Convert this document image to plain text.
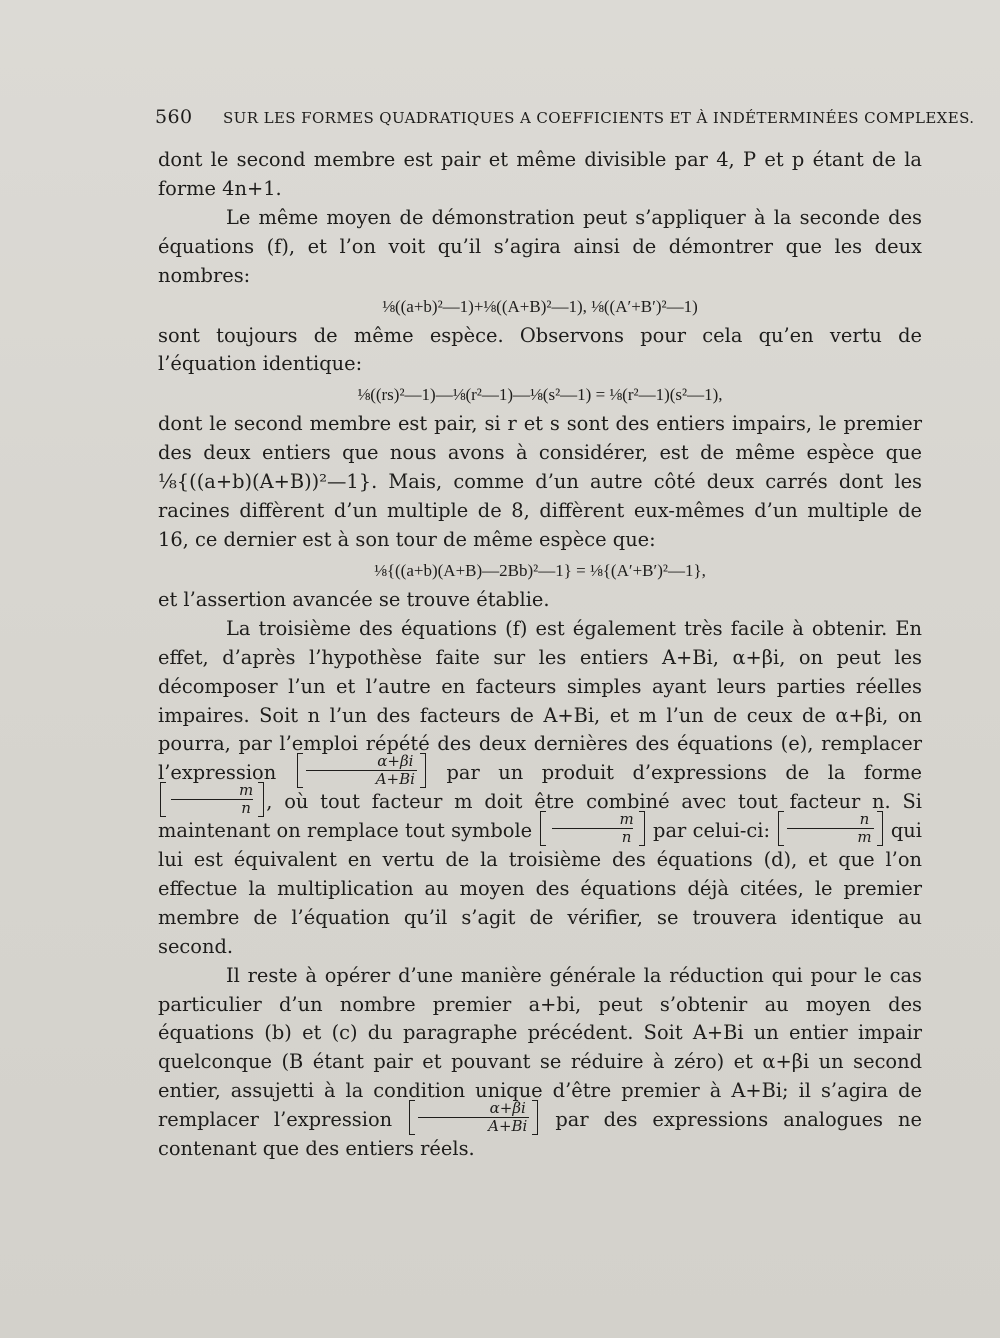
560 SUR LES FORMES QUADRATIQUES A COEFFICIENTS ET À INDÉTERMINÉES COMPLEXES.

dont le second membre est pair et même divisible par 4, P et p étant de la forme 4n+1.

Le même moyen de démonstration peut s’appliquer à la seconde des équations (f), et l’on voit qu’il s’agira ainsi de démontrer que les deux nombres:

⅛((a+b)²—1)+⅛((A+B)²—1), ⅛((A′+B′)²—1)

sont toujours de même espèce. Observons pour cela qu’en vertu de l’équation identique:

⅛((rs)²—1)—⅛(r²—1)—⅛(s²—1) = ⅛(r²—1)(s²—1),

dont le second membre est pair, si r et s sont des entiers impairs, le premier des deux entiers que nous avons à considérer, est de même espèce que ⅛{((a+b)(A+B))²—1}. Mais, comme d’un autre côté deux carrés dont les racines diffèrent d’un multiple de 8, diffèrent eux-mêmes d’un multiple de 16, ce dernier est à son tour de même espèce que:

⅛{((a+b)(A+B)—2Bb)²—1} = ⅛{(A′+B′)²—1},

et l’assertion avancée se trouve établie.

La troisième des équations (f) est également très facile à obtenir. En effet, d’après l’hypothèse faite sur les entiers A+Bi, α+βi, on peut les décomposer l’un et l’autre en facteurs simples ayant leurs parties réelles impaires. Soit n l’un des facteurs de A+Bi, et m l’un de ceux de α+βi, on pourra, par l’emploi répété des deux dernières des équations (e), remplacer l’expression $\frac{\alpha+\beta i}{A+Bi}$ par un produit d’expressions de la forme
$\frac{m}{n}$ , où tout facteur m doit être combiné avec tout facteur n. Si maintenant on remplace tout symbole $\frac{m}{n}$ par celui-ci: $\frac{n}{m}$ qui lui est équivalent en vertu de la troisième des équations (d), et que l’on effectue la multiplication au moyen des équations déjà citées, le premier membre de l’équation qu’il s’agit de vérifier, se trouvera identique au second.

Il reste à opérer d’une manière générale la réduction qui pour le cas particulier d’un nombre premier a+bi, peut s’obtenir au moyen des équations (b) et (c) du paragraphe précédent. Soit A+Bi un entier impair quelconque (B étant pair et pouvant se réduire à zéro) et α+βi un second entier, assujetti à la condition unique d’être premier à A+Bi; il s’agira de remplacer l’expression $\frac{\alpha+\beta i}{A+Bi}$ par des expressions analogues ne contenant que des entiers réels.
